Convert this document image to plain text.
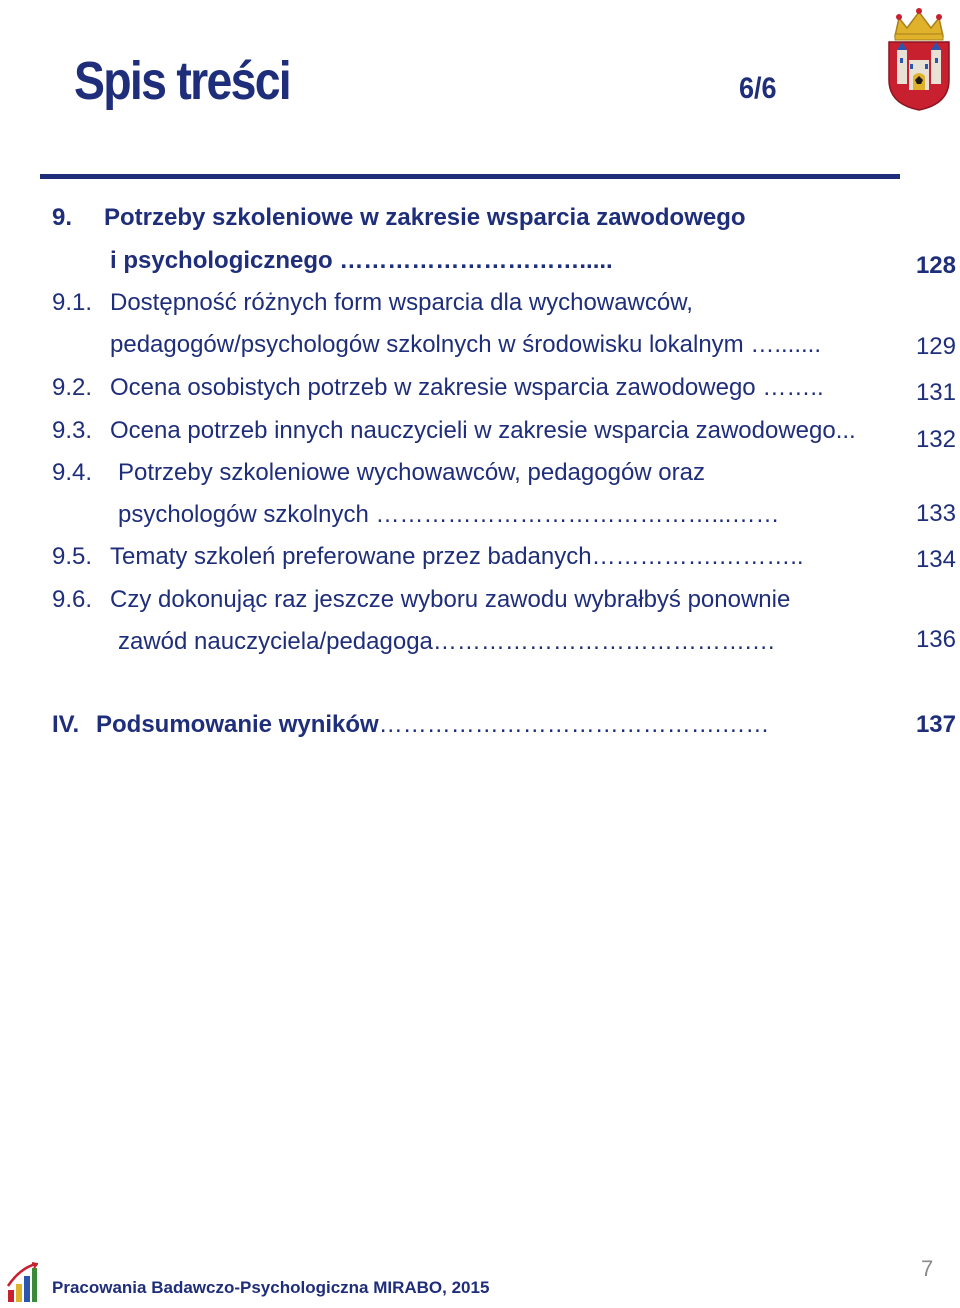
Spis treści	6/6
9. Potrzeby szkoleniowe w zakresie wsparcia zawodowego
i psychologicznego ………………………….....	128
9.1. Dostępność różnych form wsparcia dla wychowawców,
pedagogów/psychologów szkolnych w środowisku lokalnym ….......	129
9.2. Ocena osobistych potrzeb w zakresie wsparcia zawodowego ……..	131
9.3. Ocena potrzeb innych nauczycieli w zakresie wsparcia zawodowego...	132
9.4. Potrzeby szkoleniowe wychowawców, pedagogów oraz
psychologów szkolnych ……………………………………...……	133
9.5. Tematy szkoleń preferowane przez badanych…………….………..	134
9.6. Czy dokonując raz jeszcze wyboru zawodu wybrałbyś ponownie
zawód nauczyciela/pedagoga………………………………….…	136
IV. Podsumowanie wyników…………………………………….……	137
Pracowania Badawczo-Psychologiczna MIRABO, 2015
7
